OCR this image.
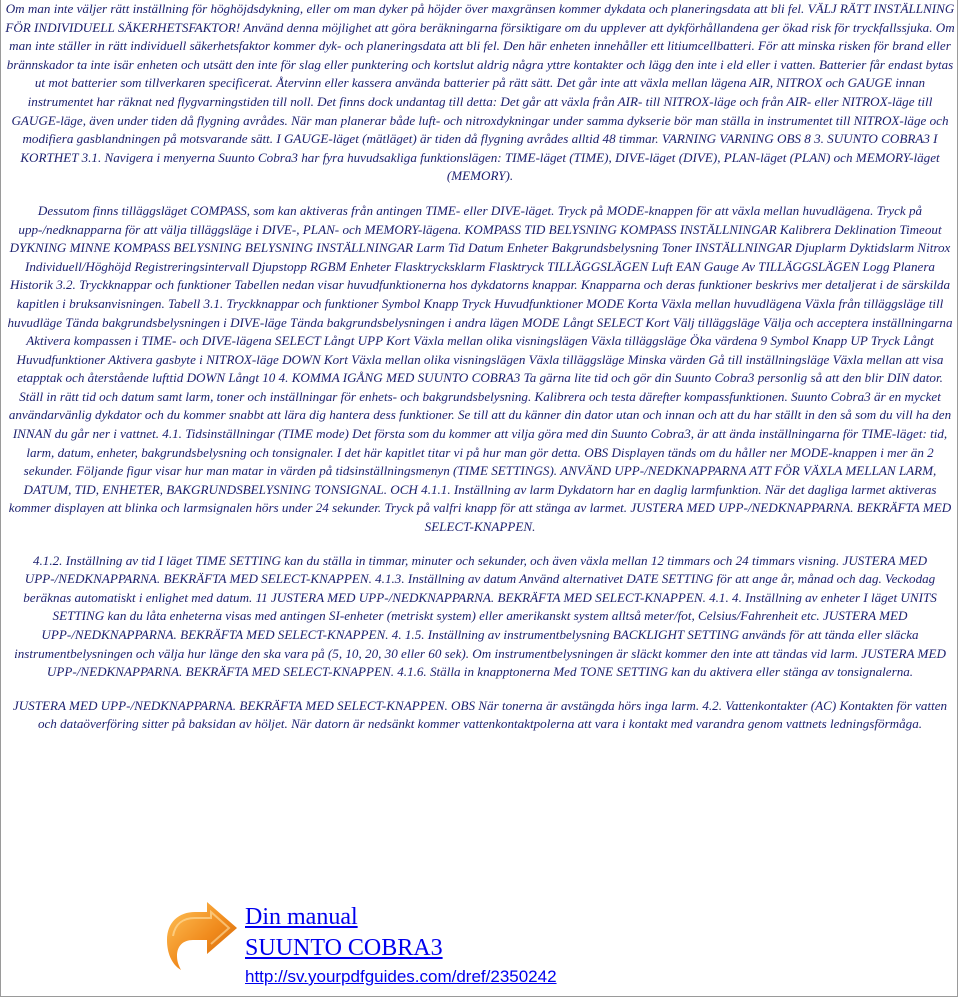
Om man inte väljer rätt inställning för höghöjdsdykning, eller om man dyker på höjder över maxgränsen kommer dykdata och planeringsdata att bli fel. VÄLJ RÄTT INSTÄLLNING FÖR INDIVIDUELL SÄKERHETSFAKTOR! Använd denna möjlighet att göra beräkningarna försiktigare om du upplever att dykförhållandena ger ökad risk för tryckfallssjuka. Om man inte ställer in rätt individuell säkerhetsfaktor kommer dyk- och planeringsdata att bli fel. Den här enheten innehåller ett litiumcellbatteri. För att minska risken för brand eller brännskador ta inte isär enheten och utsätt den inte för slag eller punktering och kortslut aldrig några yttre kontakter och lägg den inte i eld eller i vatten. Batterier får endast bytas ut mot batterier som tillverkaren specificerat. Återvinn eller kassera använda batterier på rätt sätt. Det går inte att växla mellan lägena AIR, NITROX och GAUGE innan instrumentet har räknat ned flygvarningstiden till noll. Det finns dock undantag till detta: Det går att växla från AIR- till NITROX-läge och från AIR- eller NITROX-läge till GAUGE-läge, även under tiden då flygning avrådes. När man planerar både luft- och nitroxdykningar under samma dykserie bör man ställa in instrumentet till NITROX-läge och modifiera gasblandningen på motsvarande sätt. I GAUGE-läget (mätläget) är tiden då flygning avrådes alltid 48 timmar. VARNING VARNING OBS 8 3. SUUNTO COBRA3 I KORTHET 3.1. Navigera i menyerna Suunto Cobra3 har fyra huvudsakliga funktionslägen: TIME-läget (TIME), DIVE-läget (DIVE), PLAN-läget (PLAN) och MEMORY-läget (MEMORY).

Dessutom finns tilläggsläget COMPASS, som kan aktiveras från antingen TIME- eller DIVE-läget. Tryck på MODE-knappen för att växla mellan huvudlägena. Tryck på upp-/nedknapparna för att välja tilläggsläge i DIVE-, PLAN- och MEMORY-lägena. KOMPASS TID BELYSNING KOMPASS INSTÄLLNINGAR Kalibrera Deklination Timeout DYKNING MINNE KOMPASS BELYSNING BELYSNING INSTÄLLNINGAR Larm Tid Datum Enheter Bakgrundsbelysning Toner INSTÄLLNINGAR Djuplarm Dyktidslarm Nitrox Individuell/Höghöjd Registreringsintervall Djupstopp RGBM Enheter Flasktrycksklarm Flasktryck TILLÄGGSLÄGEN Luft EAN Gauge Av TILLÄGGSLÄGEN Logg Planera Historik 3.2. Tryckknappar och funktioner Tabellen nedan visar huvudfunktionerna hos dykdatorns knappar. Knapparna och deras funktioner beskrivs mer detaljerat i de särskilda kapitlen i bruksanvisningen. Tabell 3.1. Tryckknappar och funktioner Symbol Knapp Tryck Huvudfunktioner MODE Korta Växla mellan huvudlägena Växla från tilläggsläge till huvudläge Tända bakgrundsbelysningen i DIVE-läge Tända bakgrundsbelysningen i andra lägen MODE Långt SELECT Kort Välj tilläggsläge Välja och acceptera inställningarna Aktivera kompassen i TIME- och DIVE-lägena SELECT Långt UPP Kort Växla mellan olika visningslägen Växla tilläggsläge Öka värdena 9 Symbol Knapp UP Tryck Långt Huvudfunktioner Aktivera gasbyte i NITROX-läge DOWN Kort Växla mellan olika visningslägen Växla tilläggsläge Minska värden Gå till inställningsläge Växla mellan att visa etapptak och återstående lufttid DOWN Långt 10 4. KOMMA IGÅNG MED SUUNTO COBRA3 Ta gärna lite tid och gör din Suunto Cobra3 personlig så att den blir DIN dator. Ställ in rätt tid och datum samt larm, toner och inställningar för enhets- och bakgrundsbelysning. Kalibrera och testa därefter kompassfunktionen. Suunto Cobra3 är en mycket användarvänlig dykdator och du kommer snabbt att lära dig hantera dess funktioner. Se till att du känner din dator utan och innan och att du har ställt in den så som du vill ha den INNAN du går ner i vattnet. 4.1. Tidsinställningar (TIME mode) Det första som du kommer att vilja göra med din Suunto Cobra3, är att ända inställningarna för TIME-läget: tid, larm, datum, enheter, bakgrundsbelysning och tonsignaler. I det här kapitlet titar vi på hur man gör detta. OBS Displayen tänds om du håller ner MODE-knappen i mer än 2 sekunder. Följande figur visar hur man matar in värden på tidsinställningsmenyn (TIME SETTINGS). ANVÄND UPP-/NEDKNAPPARNA ATT FÖR VÄXLA MELLAN LARM, DATUM, TID, ENHETER, BAKGRUNDSBELYSNING TONSIGNAL. OCH 4.1.1. Inställning av larm Dykdatorn har en daglig larmfunktion. När det dagliga larmet aktiveras kommer displayen att blinka och larmsignalen hörs under 24 sekunder. Tryck på valfri knapp för att stänga av larmet. JUSTERA MED UPP-/NEDKNAPPARNA. BEKRÄFTA MED SELECT-KNAPPEN.

4.1.2. Inställning av tid I läget TIME SETTING kan du ställa in timmar, minuter och sekunder, och även växla mellan 12 timmars och 24 timmars visning. JUSTERA MED UPP-/NEDKNAPPARNA. BEKRÄFTA MED SELECT-KNAPPEN. 4.1.3. Inställning av datum Använd alternativet DATE SETTING för att ange år, månad och dag. Veckodag beräknas automatiskt i enlighet med datum. 11 JUSTERA MED UPP-/NEDKNAPPARNA. BEKRÄFTA MED SELECT-KNAPPEN. 4.1. 4. Inställning av enheter I läget UNITS SETTING kan du låta enheterna visas med antingen SI-enheter (metriskt system) eller amerikanskt system alltså meter/fot, Celsius/Fahrenheit etc. JUSTERA MED UPP-/NEDKNAPPARNA. BEKRÄFTA MED SELECT-KNAPPEN. 4. 1.5. Inställning av instrumentbelysning BACKLIGHT SETTING används för att tända eller släcka instrumentbelysningen och välja hur länge den ska vara på (5, 10, 20, 30 eller 60 sek). Om instrumentbelysningen är släckt kommer den inte att tändas vid larm. JUSTERA MED UPP-/NEDKNAPPARNA. BEKRÄFTA MED SELECT-KNAPPEN. 4.1.6. Ställa in knapptonerna Med TONE SETTING kan du aktivera eller stänga av tonsignalerna.

JUSTERA MED UPP-/NEDKNAPPARNA. BEKRÄFTA MED SELECT-KNAPPEN. OBS När tonerna är avstängda hörs inga larm. 4.2. Vattenkontakter (AC) Kontakten för vatten och dataöverföring sitter på baksidan av höljet. När datorn är nedsänkt kommer vattenkontaktpolerna att vara i kontakt med varandra genom vattnets ledningsförmåga.

Din manual
SUUNTO COBRA3
http://sv.yourpdfguides.com/dref/2350242
